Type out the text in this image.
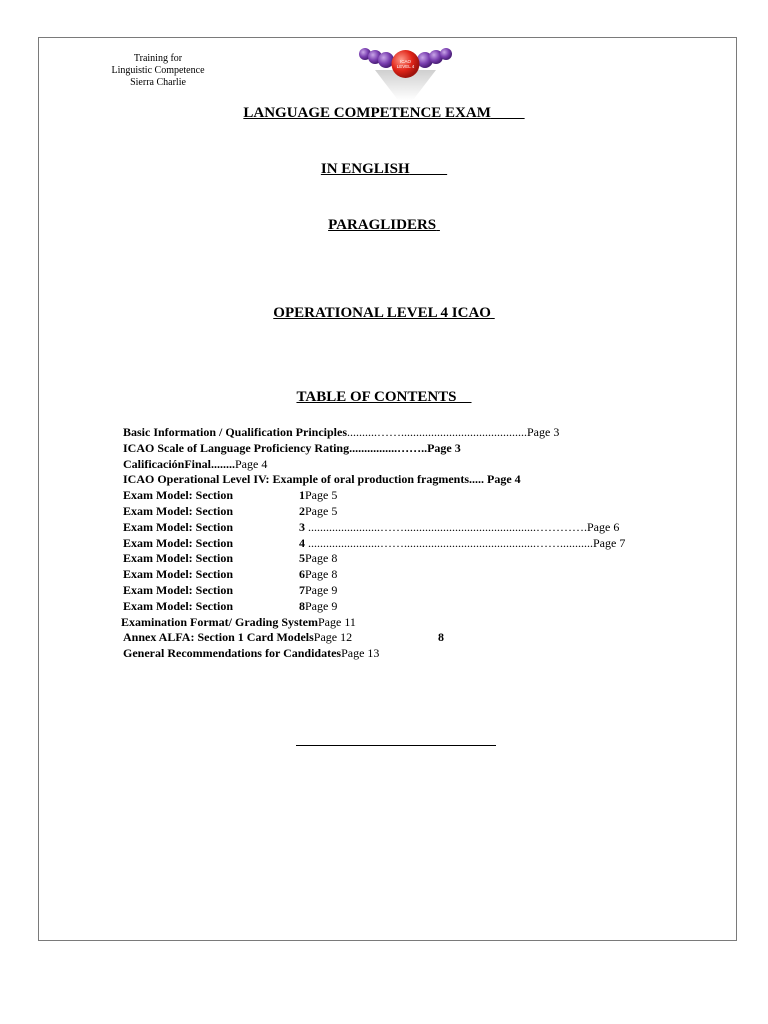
Training for
Linguistic Competence
Sierra Charlie
ICAO
LEVEL 4
LANGUAGE COMPETENCE EXAM
IN ENGLISH
PARAGLIDERS
OPERATIONAL LEVEL 4 ICAO
TABLE OF CONTENTS
Basic Information / Qualification Principles..........……..........................................Page 3
ICAO Scale of Language Proficiency Rating................……..Page 3
CalificaciónFinal........Page 4
ICAO Operational Level IV: Example of oral production fragments..... Page 4
Exam Model: Section	1Page 5
Exam Model: Section	2Page 5
Exam Model: Section	3 ........................……............................................………….Page 6
Exam Model: Section	4 ........................……............................................……...........Page 7
Exam Model: Section	5Page 8
Exam Model: Section	6Page 8
Exam Model: Section	7Page 9
Exam Model: Section	8Page 9
Examination Format/ Grading SystemPage 11
Annex ALFA: Section 1 Card ModelsPage 12	8
General Recommendations for CandidatesPage 13
